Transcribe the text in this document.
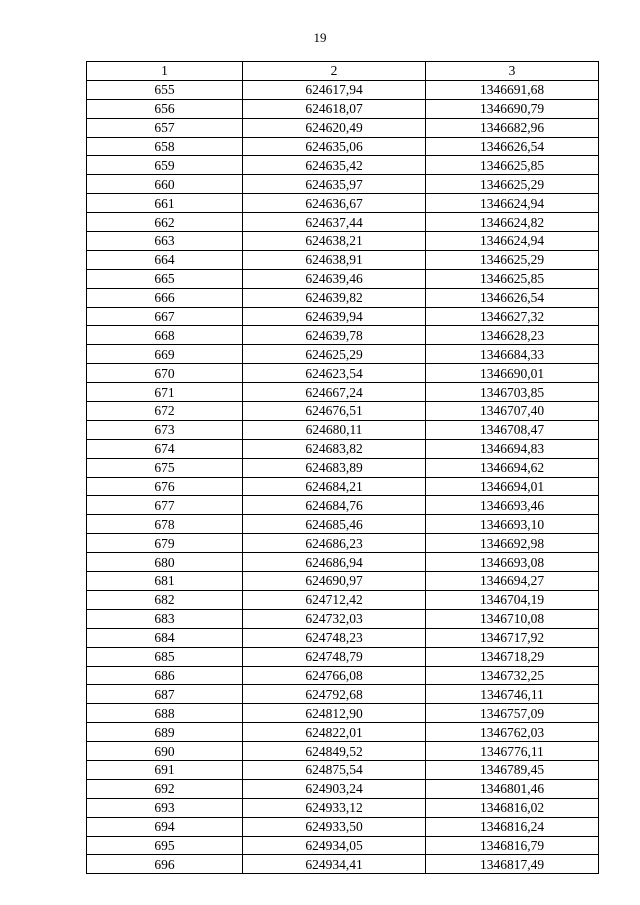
19
1	2	3
655	624617,94	1346691,68
656	624618,07	1346690,79
657	624620,49	1346682,96
658	624635,06	1346626,54
659	624635,42	1346625,85
660	624635,97	1346625,29
661	624636,67	1346624,94
662	624637,44	1346624,82
663	624638,21	1346624,94
664	624638,91	1346625,29
665	624639,46	1346625,85
666	624639,82	1346626,54
667	624639,94	1346627,32
668	624639,78	1346628,23
669	624625,29	1346684,33
670	624623,54	1346690,01
671	624667,24	1346703,85
672	624676,51	1346707,40
673	624680,11	1346708,47
674	624683,82	1346694,83
675	624683,89	1346694,62
676	624684,21	1346694,01
677	624684,76	1346693,46
678	624685,46	1346693,10
679	624686,23	1346692,98
680	624686,94	1346693,08
681	624690,97	1346694,27
682	624712,42	1346704,19
683	624732,03	1346710,08
684	624748,23	1346717,92
685	624748,79	1346718,29
686	624766,08	1346732,25
687	624792,68	1346746,11
688	624812,90	1346757,09
689	624822,01	1346762,03
690	624849,52	1346776,11
691	624875,54	1346789,45
692	624903,24	1346801,46
693	624933,12	1346816,02
694	624933,50	1346816,24
695	624934,05	1346816,79
696	624934,41	1346817,49
